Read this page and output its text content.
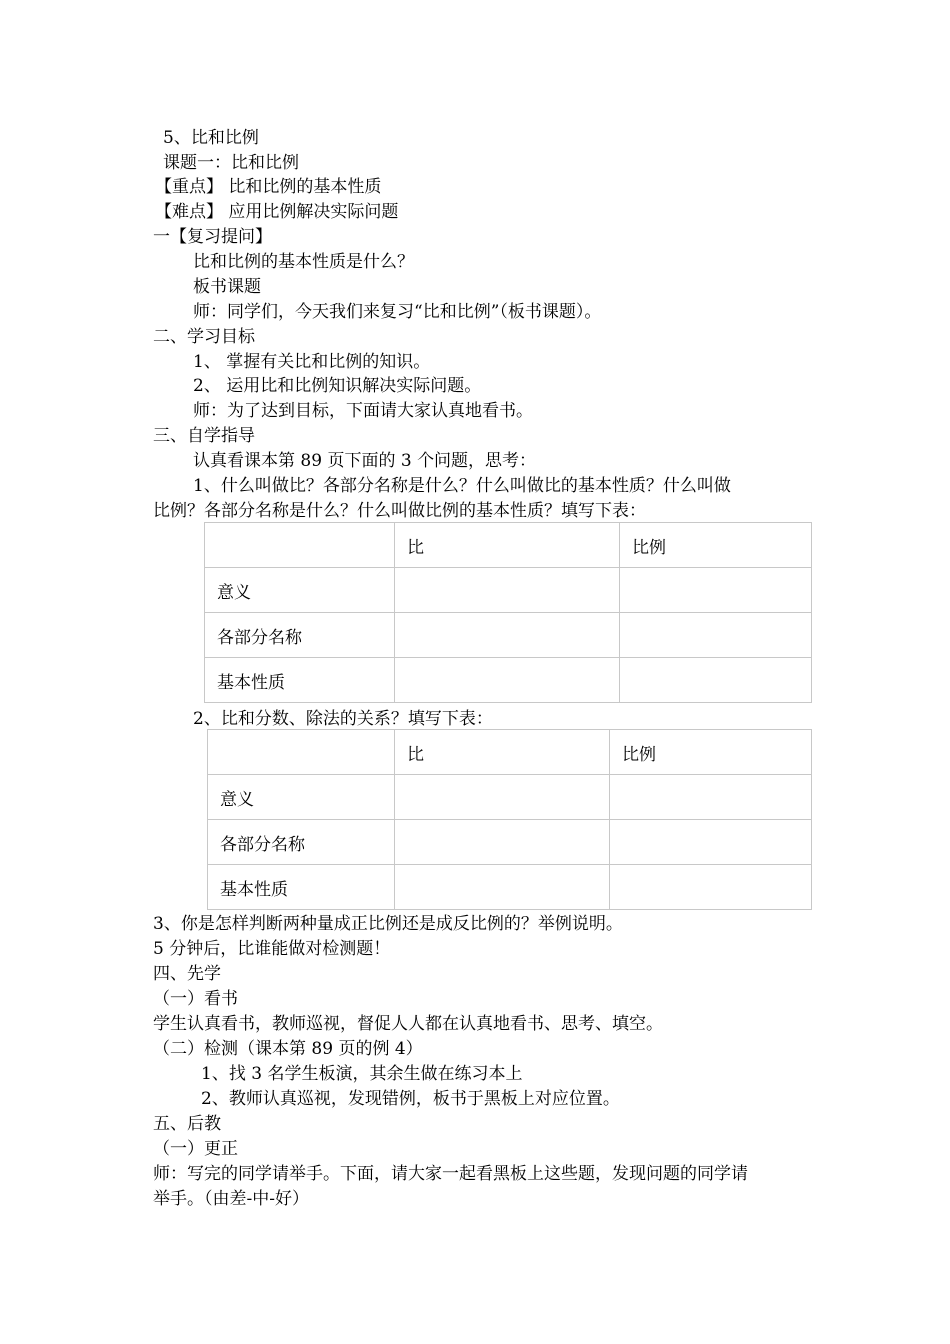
5、比和比例
课题一：比和比例
【重点】 比和比例的基本性质
【难点】 应用比例解决实际问题
一【复习提问】
比和比例的基本性质是什么？
板书课题
师：同学们，今天我们来复习“比和比例”（板书课题）。
二、学习目标
1、 掌握有关比和比例的知识。
2、 运用比和比例知识解决实际问题。
师：为了达到目标，下面请大家认真地看书。
三、自学指导
认真看课本第 89 页下面的 3 个问题，思考：
1、什么叫做比？各部分名称是什么？什么叫做比的基本性质？什么叫做
比例？各部分名称是什么？什么叫做比例的基本性质？填写下表：
	比	比例
意义		
各部分名称		
基本性质		
2、比和分数、除法的关系？填写下表：
	比	比例
意义		
各部分名称		
基本性质		
3、你是怎样判断两种量成正比例还是成反比例的？举例说明。
5 分钟后，比谁能做对检测题！
四、先学
（一）看书
学生认真看书，教师巡视，督促人人都在认真地看书、思考、填空。
（二）检测（课本第 89 页的例 4）
1、找 3 名学生板演，其余生做在练习本上
2、教师认真巡视，发现错例，板书于黑板上对应位置。
五、后教
（一）更正
师：写完的同学请举手。下面，请大家一起看黑板上这些题，发现问题的同学请
举手。（由差-中-好）
